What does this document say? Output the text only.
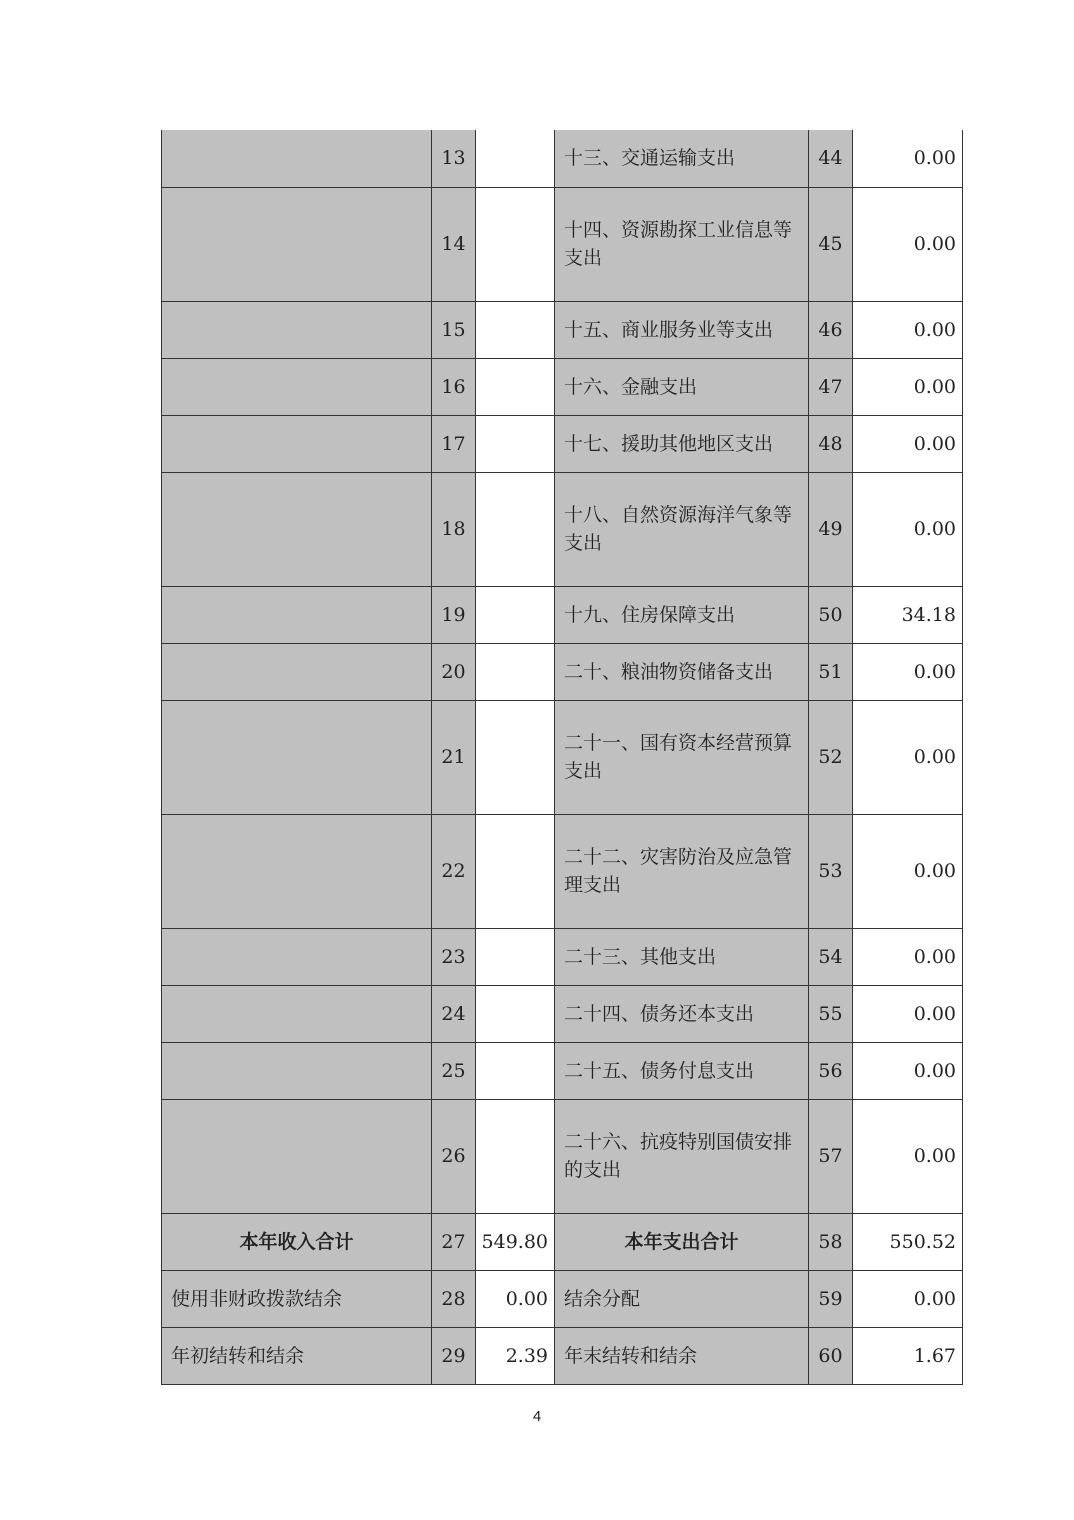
	13		十三、交通运输支出	44	0.00
	14		十四、资源勘探工业信息等支出	45	0.00
	15		十五、商业服务业等支出	46	0.00
	16		十六、金融支出	47	0.00
	17		十七、援助其他地区支出	48	0.00
	18		十八、自然资源海洋气象等支出	49	0.00
	19		十九、住房保障支出	50	34.18
	20		二十、粮油物资储备支出	51	0.00
	21		二十一、国有资本经营预算支出	52	0.00
	22		二十二、灾害防治及应急管理支出	53	0.00
	23		二十三、其他支出	54	0.00
	24		二十四、债务还本支出	55	0.00
	25		二十五、债务付息支出	56	0.00
	26		二十六、抗疫特别国债安排的支出	57	0.00
本年收入合计	27	549.80	本年支出合计	58	550.52
使用非财政拨款结余	28	0.00	结余分配	59	0.00
年初结转和结余	29	2.39	年末结转和结余	60	1.67
4
